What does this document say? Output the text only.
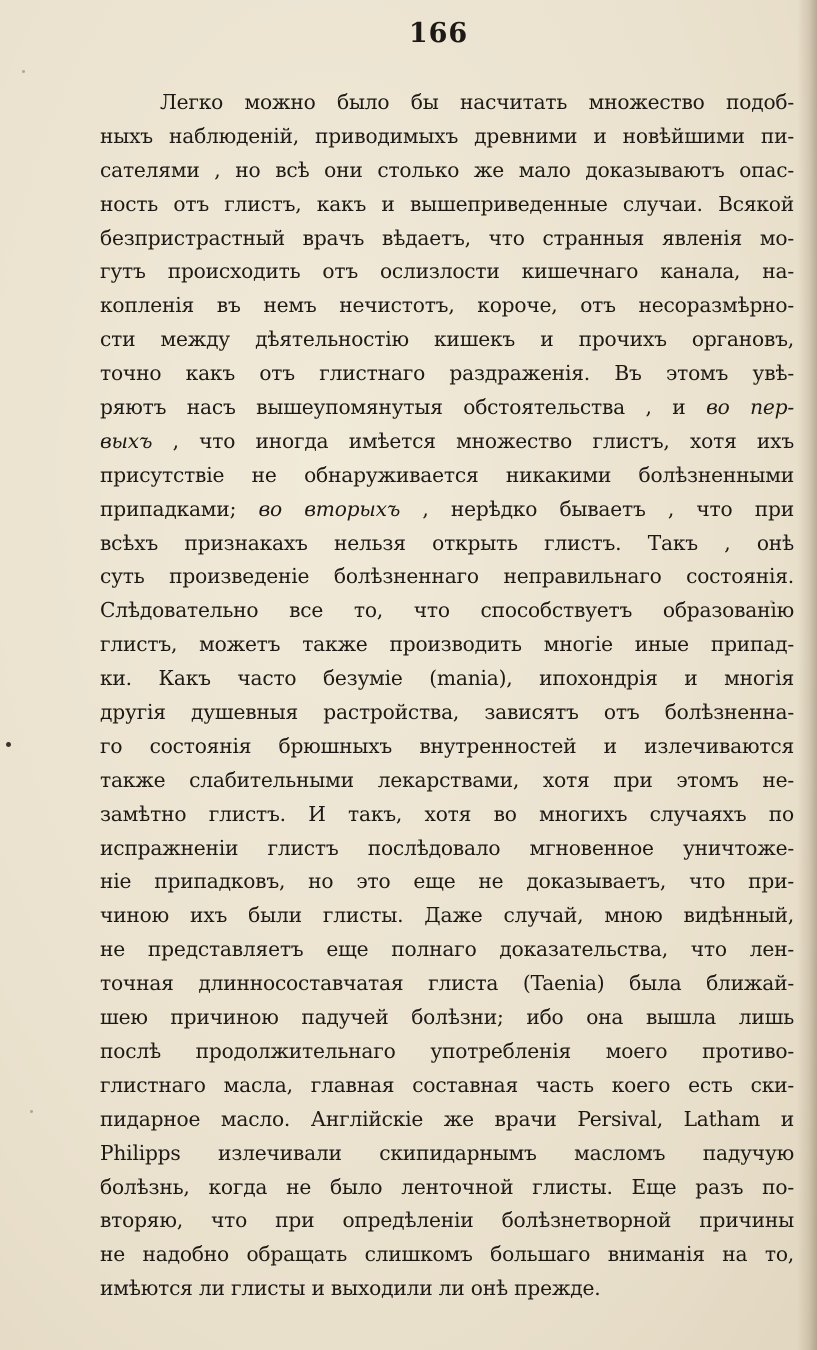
166
Легко можно было бы насчитать множество подоб-
ныхъ наблюденій, приводимыхъ древними и новѣйшими пи-
сателями , но всѣ они столько же мало доказываютъ опас-
ность отъ глистъ, какъ и вышеприведенные случаи. Всякой
безпристрастный врачъ вѣдаетъ, что странныя явленія мо-
гутъ происходить отъ ослизлости кишечнаго канала, на-
копленія въ немъ нечистотъ, короче, отъ несоразмѣрно-
сти между дѣятельностію кишекъ и прочихъ органовъ,
точно какъ отъ глистнаго раздраженія. Въ этомъ увѣ-
ряютъ насъ вышеупомянутыя обстоятельства , и во пер-
выхъ , что иногда имѣется множество глистъ, хотя ихъ
присутствіе не обнаруживается никакими болѣзненными
припадками; во вторыхъ , нерѣдко бываетъ , что при
всѣхъ признакахъ нельзя открыть глистъ. Такъ , онѣ
суть произведеніе болѣзненнаго неправильнаго состоянія.
Слѣдовательно все то, что способствуетъ образованію
глистъ, можетъ также производить многіе иные припад-
ки. Какъ часто безуміе (mania), ипохондрія и многія
другія душевныя растройства, зависятъ отъ болѣзненна-
го состоянія брюшныхъ внутренностей и излечиваются
также слабительными лекарствами, хотя при этомъ не-
замѣтно глистъ. И такъ, хотя во многихъ случаяхъ по
испражненіи глистъ послѣдовало мгновенное уничтоже-
ніе припадковъ, но это еще не доказываетъ, что при-
чиною ихъ были глисты. Даже случай, мною видѣнный,
не представляетъ еще полнаго доказательства, что лен-
точная длинносоставчатая глиста (Taenia) была ближай-
шею причиною падучей болѣзни; ибо она вышла лишь
послѣ продолжительнаго употребленія моего противо-
глистнаго масла, главная составная часть коего есть ски-
пидарное масло. Англійскіе же врачи Persival, Latham и
Philipps излечивали скипидарнымъ масломъ падучую
болѣзнь, когда не было ленточной глисты. Еще разъ по-
вторяю, что при опредѣленіи болѣзнетворной причины
не надобно обращать слишкомъ большаго вниманія на то,
имѣются ли глисты и выходили ли онѣ прежде.
